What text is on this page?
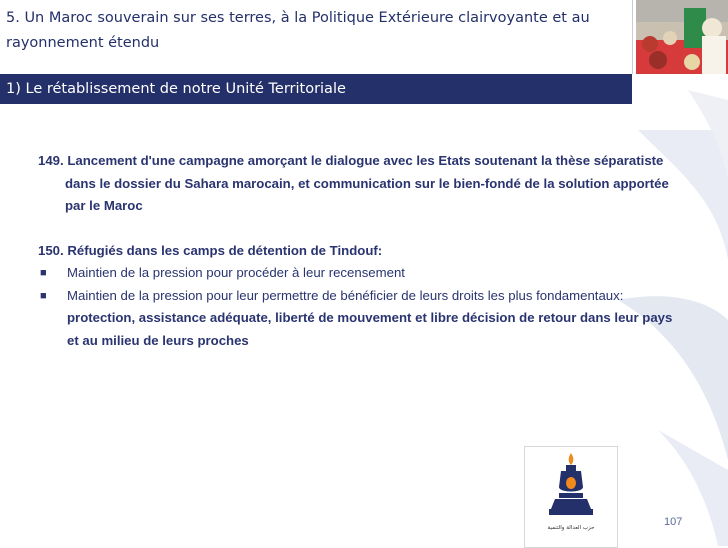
5. Un Maroc souverain sur ses terres, à la Politique Extérieure clairvoyante et au rayonnement étendu
1) Le rétablissement de notre Unité Territoriale

149. Lancement d'une campagne amorçant le dialogue avec les Etats soutenant la thèse séparatiste dans le dossier du Sahara marocain, et communication sur le bien-fondé de la solution apportée par le Maroc

150. Réfugiés dans les camps de détention de Tindouf:

■	Maintien de la pression pour procéder à leur recensement
■	Maintien de la pression pour leur permettre de bénéficier de leurs droits les plus fondamentaux: protection, assistance adéquate, liberté de mouvement et libre décision de retour dans leur pays et au milieu de leurs proches
حزب العدالة والتنمية	107
